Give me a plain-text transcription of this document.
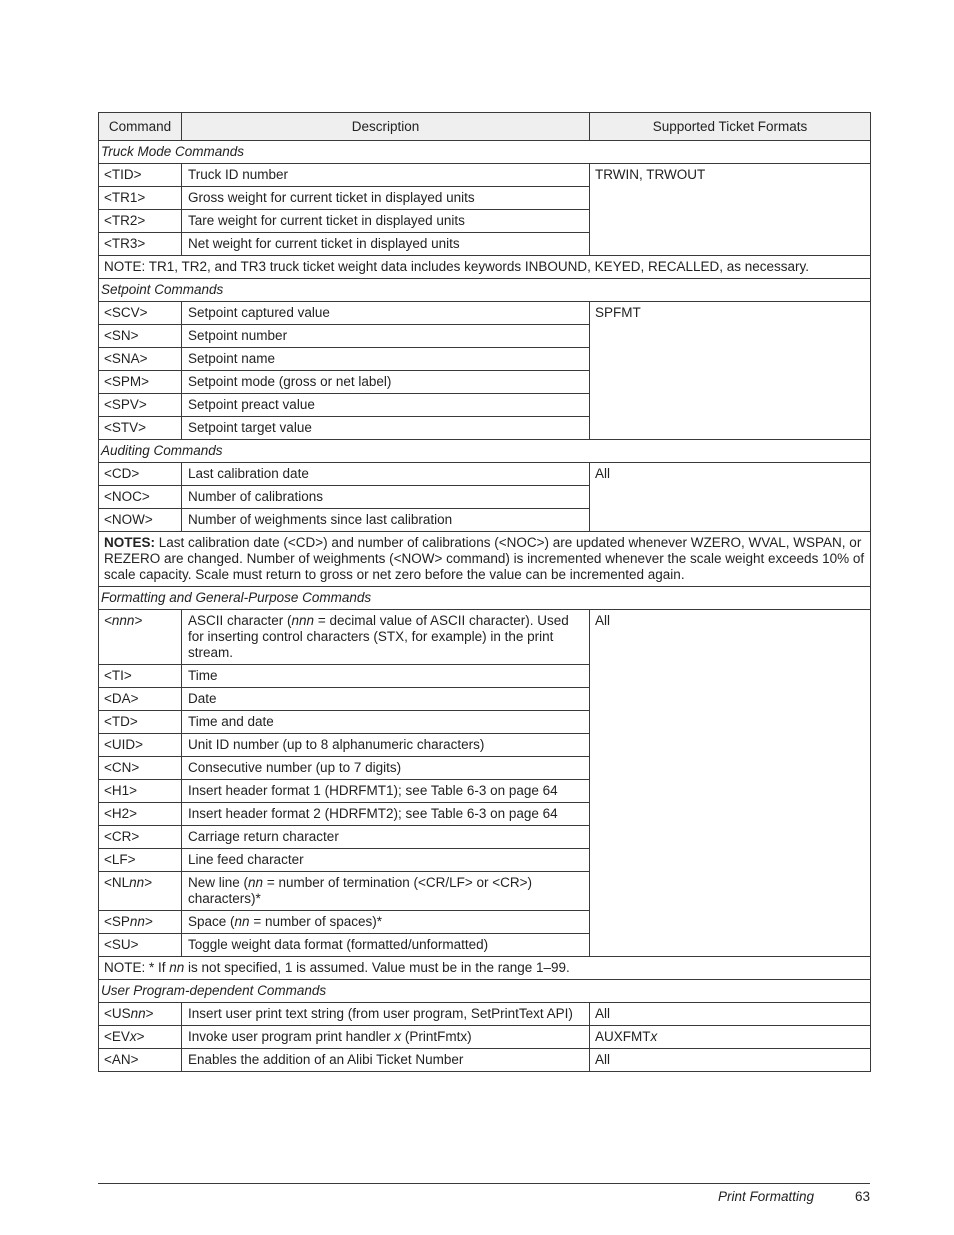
Command	Description	Supported Ticket Formats
Truck Mode Commands		
<TID>	Truck ID number	TRWIN, TRWOUT
<TR1>	Gross weight for current ticket in displayed units	
<TR2>	Tare weight for current ticket in displayed units	
<TR3>	Net weight for current ticket in displayed units	
NOTE: TR1, TR2, and TR3 truck ticket weight data includes keywords INBOUND, KEYED, RECALLED, as necessary.		
Setpoint Commands		
<SCV>	Setpoint captured value	SPFMT
<SN>	Setpoint number	
<SNA>	Setpoint name	
<SPM>	Setpoint mode (gross or net label)	
<SPV>	Setpoint preact value	
<STV>	Setpoint target value	
Auditing Commands		
<CD>	Last calibration date	All
<NOC>	Number of calibrations	
<NOW>	Number of weighments since last calibration	
NOTES: Last calibration date (<CD>) and number of calibrations (<NOC>) are updated whenever WZERO, WVAL, WSPAN, or REZERO are changed. Number of weighments (<NOW> command) is incremented whenever the scale weight exceeds 10% of scale capacity. Scale must return to gross or net zero before the value can be incremented again.		
Formatting and General-Purpose Commands		
<nnn>	ASCII character (nnn = decimal value of ASCII character). Used for inserting control characters (STX, for example) in the print stream.	All
<TI>	Time	
<DA>	Date	
<TD>	Time and date	
<UID>	Unit ID number (up to 8 alphanumeric characters)	
<CN>	Consecutive number (up to 7 digits)	
<H1>	Insert header format 1 (HDRFMT1); see Table 6-3 on page 64	
<H2>	Insert header format 2 (HDRFMT2); see Table 6-3 on page 64	
<CR>	Carriage return character	
<LF>	Line feed character	
<NLnn>	New line (nn = number of termination (<CR/LF> or <CR>) characters)*	
<SPnn>	Space (nn = number of spaces)*	
<SU>	Toggle weight data format (formatted/unformatted)	
NOTE: * If nn is not specified, 1 is assumed. Value must be in the range 1–99.		
User Program-dependent Commands		
<USnn>	Insert user print text string (from user program, SetPrintText API)	All
<EVx>	Invoke user program print handler x (PrintFmtx)	AUXFMTx
<AN>	Enables the addition of an Alibi Ticket Number	All
Print Formatting	63
